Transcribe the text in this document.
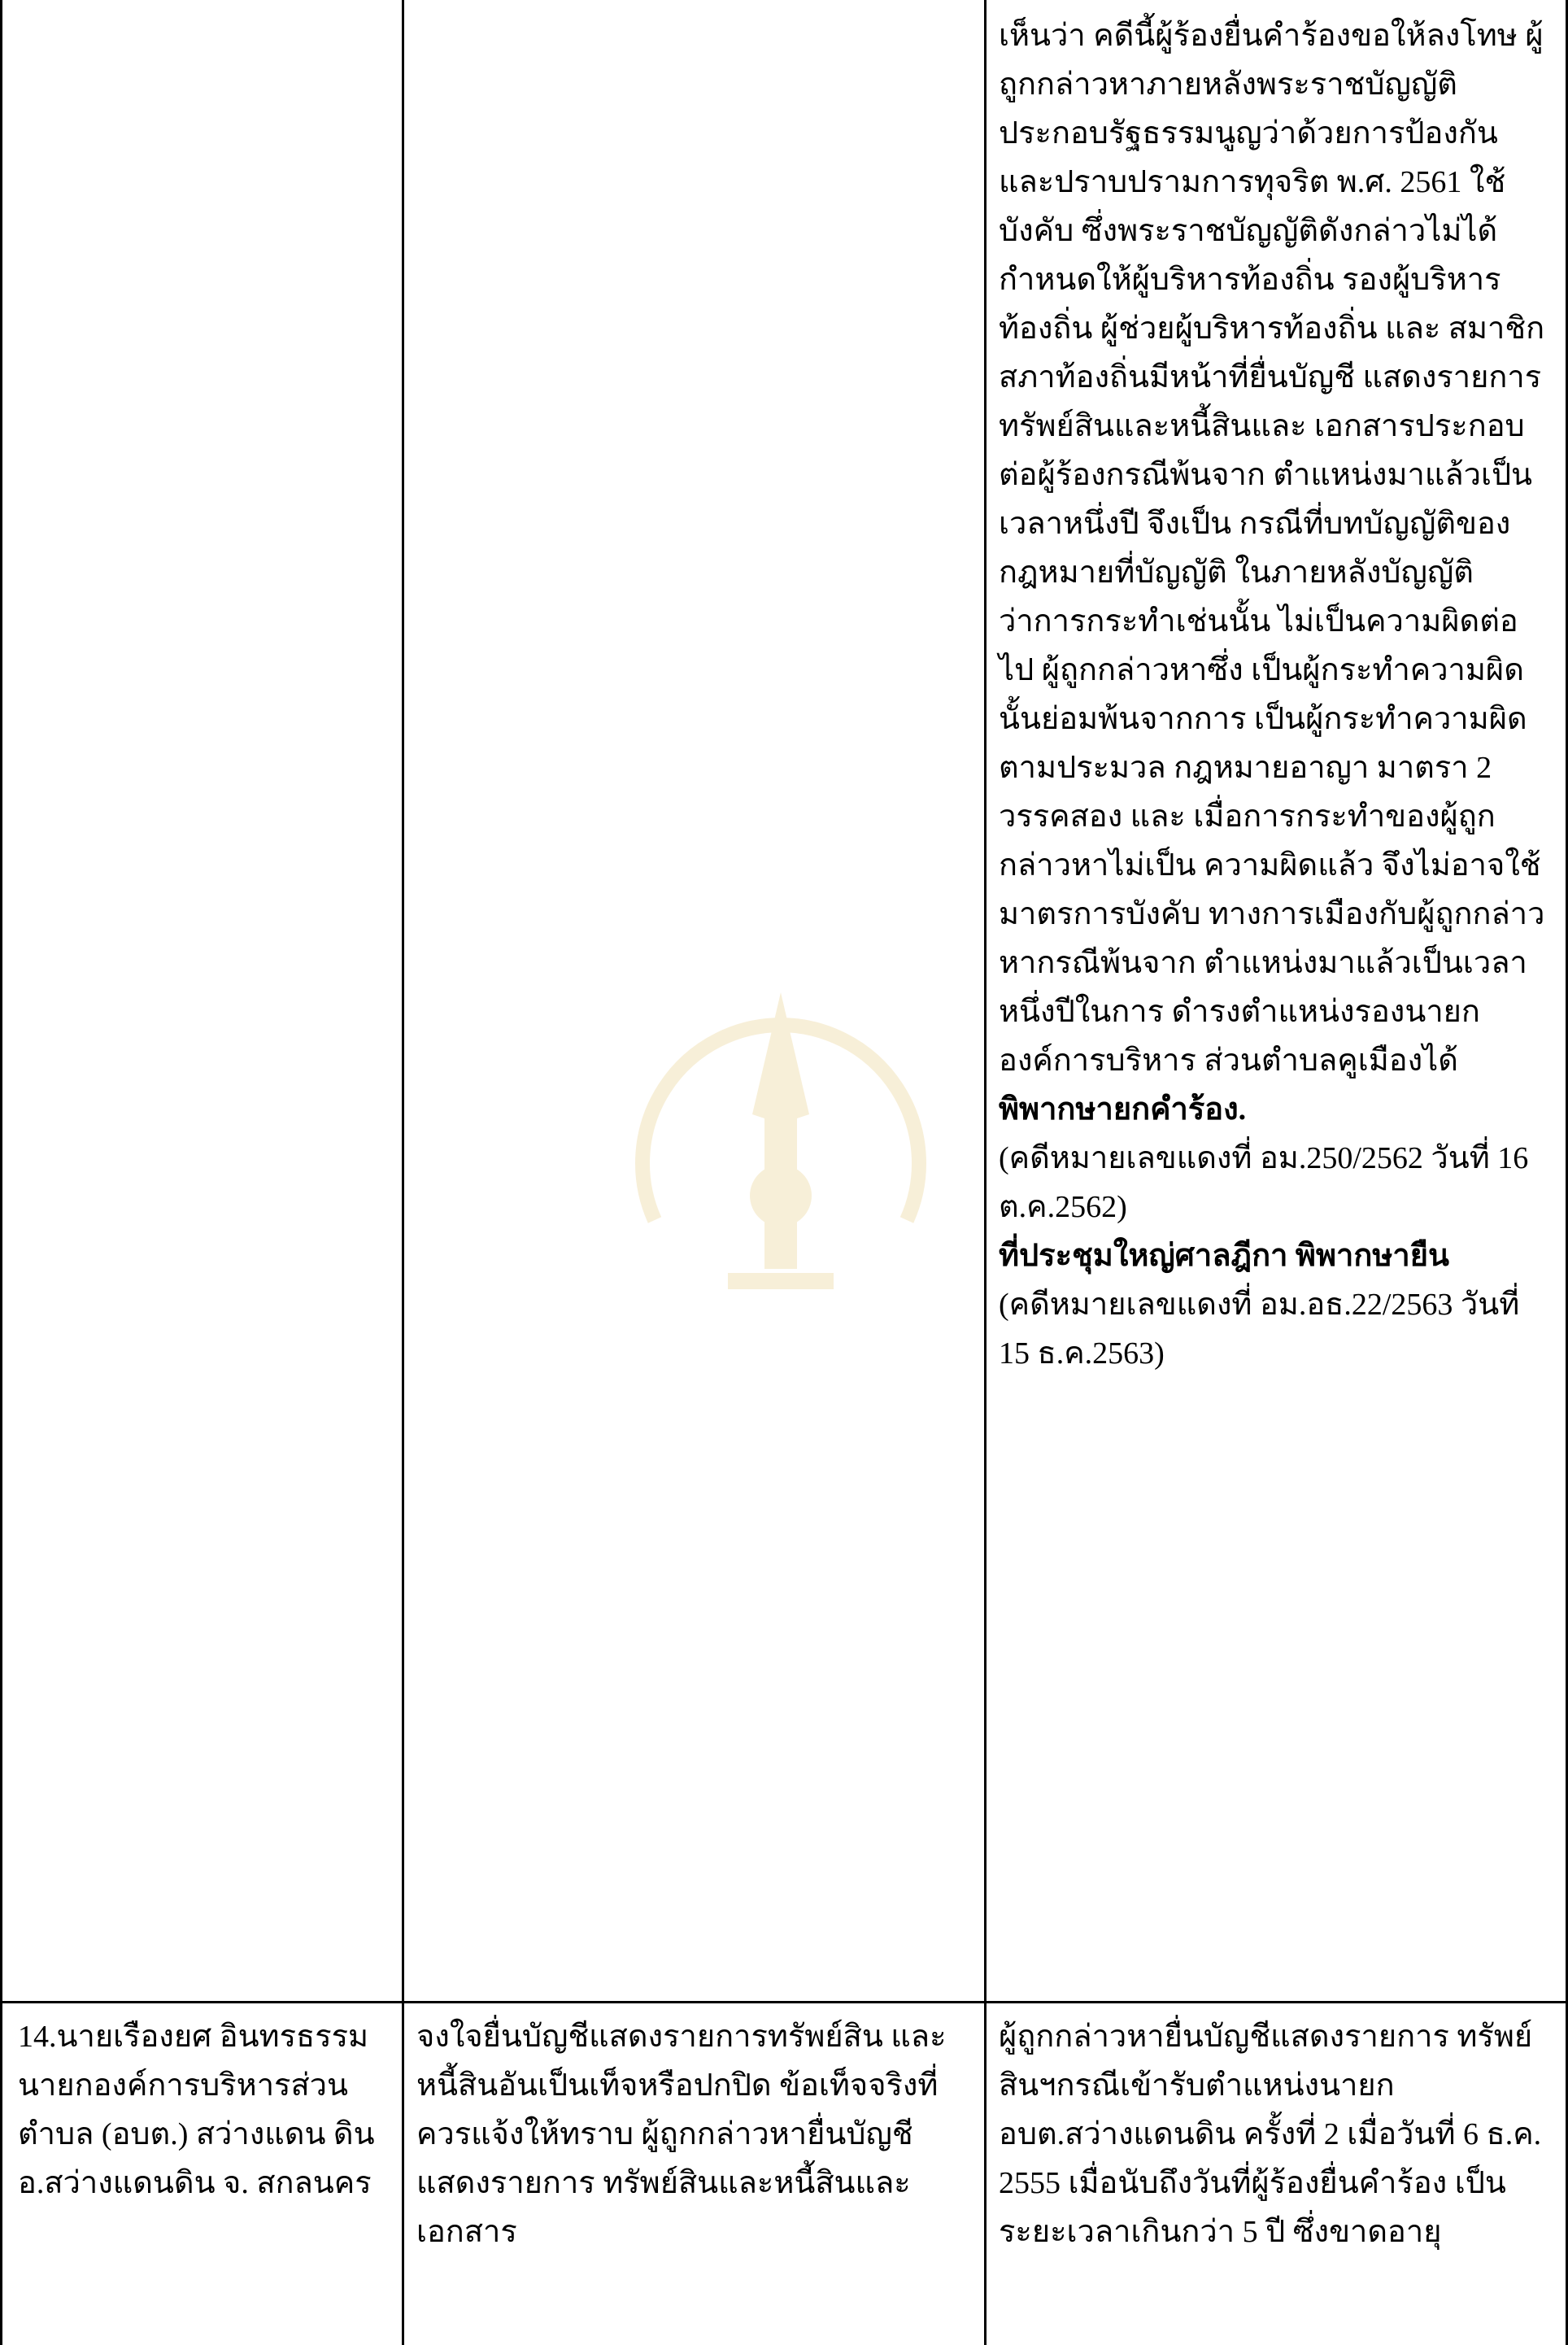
เห็นว่า คดีนี้ผู้ร้องยื่นคำร้องขอให้ลงโทษ ผู้ถูกกล่าวหาภายหลังพระราชบัญญัติ ประกอบรัฐธรรมนูญว่าด้วยการป้องกัน และปราบปรามการทุจริต พ.ศ. 2561 ใช้ บังคับ ซึ่งพระราชบัญญัติดังกล่าวไม่ได้ กำหนดให้ผู้บริหารท้องถิ่น รองผู้บริหาร ท้องถิ่น ผู้ช่วยผู้บริหารท้องถิ่น และ สมาชิกสภาท้องถิ่นมีหน้าที่ยื่นบัญชี แสดงรายการทรัพย์สินและหนี้สินและ เอกสารประกอบต่อผู้ร้องกรณีพ้นจาก ตำแหน่งมาแล้วเป็นเวลาหนึ่งปี จึงเป็น กรณีที่บทบัญญัติของกฎหมายที่บัญญัติ ในภายหลังบัญญัติว่าการกระทำเช่นนั้น ไม่เป็นความผิดต่อไป ผู้ถูกกล่าวหาซึ่ง เป็นผู้กระทำความผิดนั้นย่อมพ้นจากการ เป็นผู้กระทำความผิดตามประมวล กฎหมายอาญา มาตรา 2 วรรคสอง และ เมื่อการกระทำของผู้ถูกกล่าวหาไม่เป็น ความผิดแล้ว จึงไม่อาจใช้มาตรการบังคับ ทางการเมืองกับผู้ถูกกล่าวหากรณีพ้นจาก ตำแหน่งมาแล้วเป็นเวลาหนึ่งปีในการ ดำรงตำแหน่งรองนายกองค์การบริหาร ส่วนตำบลคูเมืองได้
พิพากษายกคำร้อง.
(คดีหมายเลขแดงที่ อม.250/2562 วันที่ 16 ต.ค.2562)
ที่ประชุมใหญ่ศาลฎีกา พิพากษายืน
(คดีหมายเลขแดงที่ อม.อธ.22/2563 วันที่ 15 ธ.ค.2563)
14.นายเรืองยศ อินทรธรรม นายกองค์การบริหารส่วน ตำบล (อบต.) สว่างแดน ดิน อ.สว่างแดนดิน จ. สกลนคร
จงใจยื่นบัญชีแสดงรายการทรัพย์สิน และหนี้สินอันเป็นเท็จหรือปกปิด ข้อเท็จจริงที่ควรแจ้งให้ทราบ ผู้ถูกกล่าวหายื่นบัญชีแสดงรายการ ทรัพย์สินและหนี้สินและเอกสาร
ผู้ถูกกล่าวหายื่นบัญชีแสดงรายการ ทรัพย์สินฯกรณีเข้ารับตำแหน่งนายก อบต.สว่างแดนดิน ครั้งที่ 2 เมื่อวันที่ 6 ธ.ค. 2555 เมื่อนับถึงวันที่ผู้ร้องยื่นคำร้อง เป็นระยะเวลาเกินกว่า 5 ปี ซึ่งขาดอายุ
